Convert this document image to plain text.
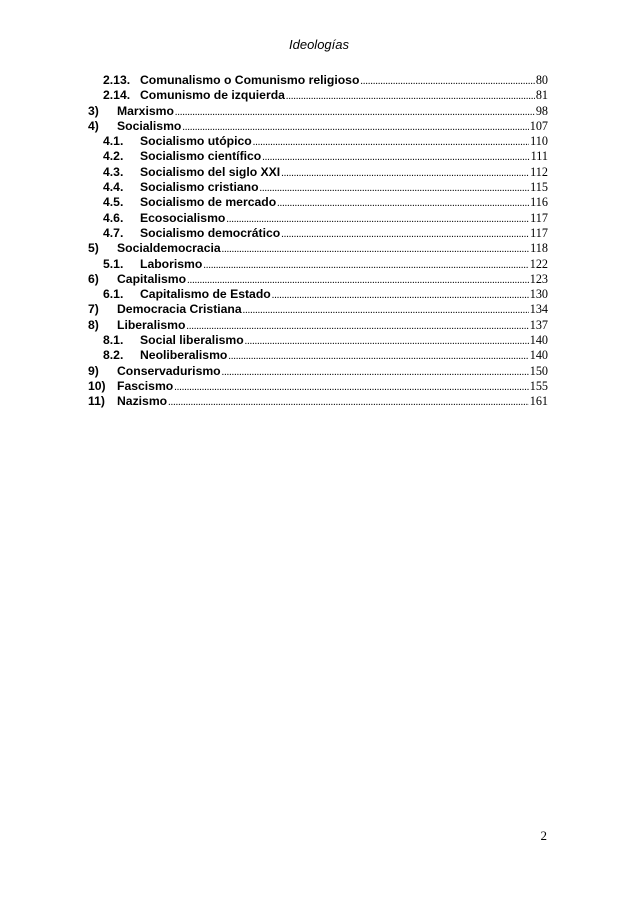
Ideologías
2.13. Comunalismo o Comunismo religioso .....	80
2.14. Comunismo de izquierda .....	81
3)	Marxismo .....	98
4)	Socialismo .....	107
4.1.	Socialismo utópico .....	110
4.2.	Socialismo científico .....	111
4.3.	Socialismo del siglo XXI .....	112
4.4.	Socialismo cristiano .....	115
4.5.	Socialismo de mercado .....	116
4.6.	Ecosocialismo .....	117
4.7.	Socialismo democrático .....	117
5)	Socialdemocracia .....	118
5.1.	Laborismo .....	122
6)	Capitalismo .....	123
6.1.	Capitalismo de Estado .....	130
7)	Democracia Cristiana .....	134
8)	Liberalismo .....	137
8.1.	Social liberalismo .....	140
8.2.	Neoliberalismo .....	140
9)	Conservadurismo .....	150
10) Fascismo .....	155
11) Nazismo .....	161
2
